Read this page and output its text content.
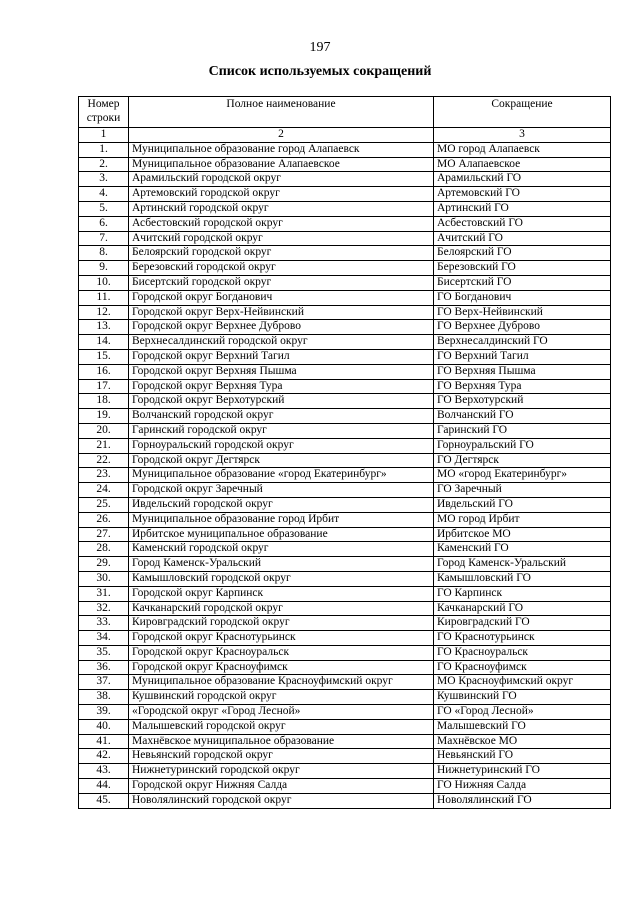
197
Список используемых сокращений
Номер строки	Полное наименование	Сокращение
1	2	3
1.	Муниципальное образование город Алапаевск	МО город Алапаевск
2.	Муниципальное образование Алапаевское	МО Алапаевское
3.	Арамильский городской округ	Арамильский ГО
4.	Артемовский городской округ	Артемовский ГО
5.	Артинский городской округ	Артинский ГО
6.	Асбестовский городской округ	Асбестовский ГО
7.	Ачитский городской округ	Ачитский ГО
8.	Белоярский городской округ	Белоярский ГО
9.	Березовский городской округ	Березовский ГО
10.	Бисертский городской округ	Бисертский ГО
11.	Городской округ Богданович	ГО Богданович
12.	Городской округ Верх-Нейвинский	ГО Верх-Нейвинский
13.	Городской округ Верхнее Дуброво	ГО Верхнее Дуброво
14.	Верхнесалдинский городской округ	Верхнесалдинский ГО
15.	Городской округ Верхний Тагил	ГО Верхний Тагил
16.	Городской округ Верхняя Пышма	ГО Верхняя Пышма
17.	Городской округ Верхняя Тура	ГО Верхняя Тура
18.	Городской округ Верхотурский	ГО Верхотурский
19.	Волчанский городской округ	Волчанский ГО
20.	Гаринский городской округ	Гаринский ГО
21.	Горноуральский городской округ	Горноуральский ГО
22.	Городской округ Дегтярск	ГО Дегтярск
23.	Муниципальное образование «город Екатеринбург»	МО «город Екатеринбург»
24.	Городской округ Заречный	ГО Заречный
25.	Ивдельский городской округ	Ивдельский ГО
26.	Муниципальное образование город Ирбит	МО город Ирбит
27.	Ирбитское муниципальное образование	Ирбитское МО
28.	Каменский городской округ	Каменский ГО
29.	Город Каменск-Уральский	Город Каменск-Уральский
30.	Камышловский городской округ	Камышловский ГО
31.	Городской округ Карпинск	ГО Карпинск
32.	Качканарский городской округ	Качканарский ГО
33.	Кировградский городской округ	Кировградский ГО
34.	Городской округ Краснотурьинск	ГО Краснотурьинск
35.	Городской округ Красноуральск	ГО Красноуральск
36.	Городской округ Красноуфимск	ГО Красноуфимск
37.	Муниципальное образование Красноуфимский округ	МО Красноуфимский округ
38.	Кушвинский городской округ	Кушвинский ГО
39.	«Городской округ «Город Лесной»	ГО «Город Лесной»
40.	Малышевский городской округ	Малышевский ГО
41.	Махнёвское муниципальное образование	Махнёвское МО
42.	Невьянский городской округ	Невьянский ГО
43.	Нижнетуринский городской округ	Нижнетуринский ГО
44.	Городской округ Нижняя Салда	ГО Нижняя Салда
45.	Новолялинский городской округ	Новолялинский ГО
